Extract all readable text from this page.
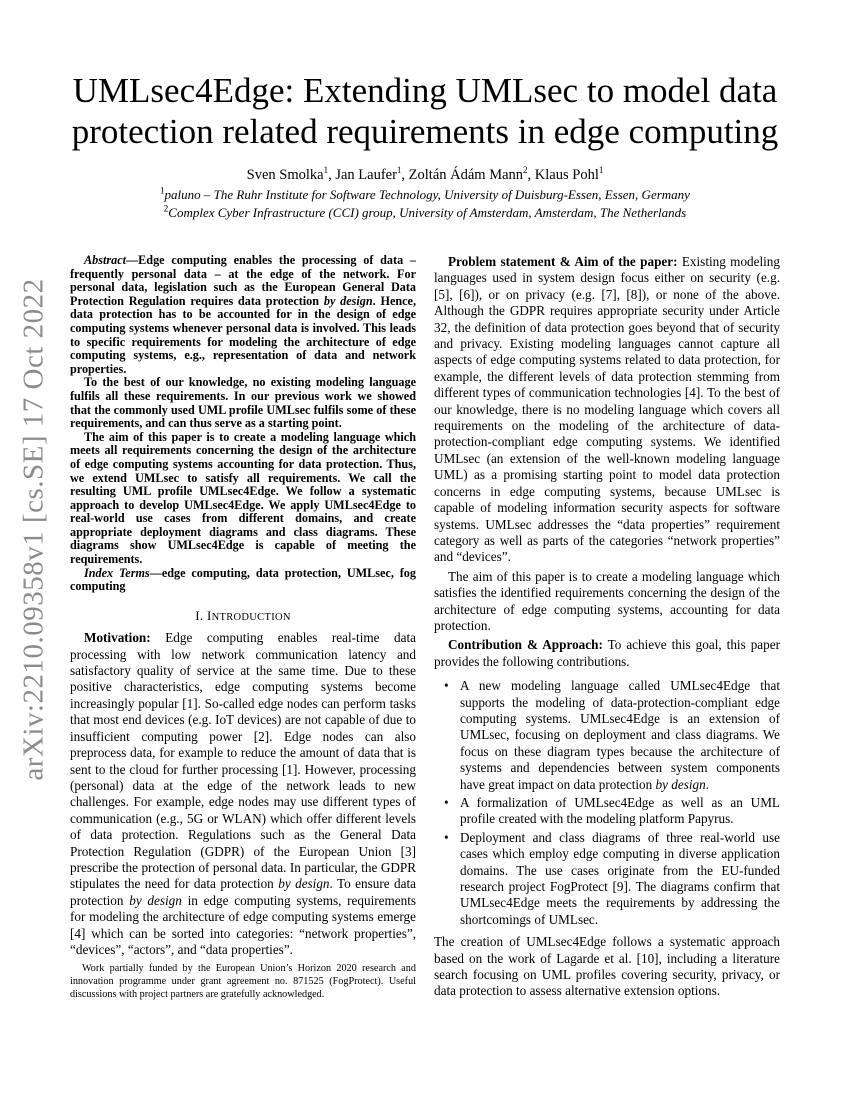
arXiv:2210.09358v1 [cs.SE] 17 Oct 2022
UMLsec4Edge: Extending UMLsec to model data protection related requirements in edge computing
Sven Smolka$^1$, Jan Laufer$^1$, Zoltán Ádám Mann$^2$, Klaus Pohl$^1$
$^1$paluno – The Ruhr Institute for Software Technology, University of Duisburg-Essen, Essen, Germany
$^2$Complex Cyber Infrastructure (CCI) group, University of Amsterdam, Amsterdam, The Netherlands

Abstract—Edge computing enables the processing of data – frequently personal data – at the edge of the network. For personal data, legislation such as the European General Data Protection Regulation requires data protection by design. Hence, data protection has to be accounted for in the design of edge computing systems whenever personal data is involved. This leads to specific requirements for modeling the architecture of edge computing systems, e.g., representation of data and network properties.

To the best of our knowledge, no existing modeling language fulfils all these requirements. In our previous work we showed that the commonly used UML profile UMLsec fulfils some of these requirements, and can thus serve as a starting point.

The aim of this paper is to create a modeling language which meets all requirements concerning the design of the architecture of edge computing systems accounting for data protection. Thus, we extend UMLsec to satisfy all requirements. We call the resulting UML profile UMLsec4Edge. We follow a systematic approach to develop UMLsec4Edge. We apply UMLsec4Edge to real-world use cases from different domains, and create appropriate deployment diagrams and class diagrams. These diagrams show UMLsec4Edge is capable of meeting the requirements.

Index Terms—edge computing, data protection, UMLsec, fog computing

I. INTRODUCTION

Motivation: Edge computing enables real-time data processing with low network communication latency and satisfactory quality of service at the same time. Due to these positive characteristics, edge computing systems become increasingly popular [1]. So-called edge nodes can perform tasks that most end devices (e.g. IoT devices) are not capable of due to insufficient computing power [2]. Edge nodes can also preprocess data, for example to reduce the amount of data that is sent to the cloud for further processing [1]. However, processing (personal) data at the edge of the network leads to new challenges. For example, edge nodes may use different types of communication (e.g., 5G or WLAN) which offer different levels of data protection. Regulations such as the General Data Protection Regulation (GDPR) of the European Union [3] prescribe the protection of personal data. In particular, the GDPR stipulates the need for data protection by design. To ensure data protection by design in edge computing systems, requirements for modeling the architecture of edge computing systems emerge [4] which can be sorted into categories: “network properties”, “devices”, “actors”, and “data properties”.

Work partially funded by the European Union’s Horizon 2020 research and innovation programme under grant agreement no. 871525 (FogProtect). Useful discussions with project partners are gratefully acknowledged.

Problem statement & Aim of the paper: Existing modeling languages used in system design focus either on security (e.g. [5], [6]), or on privacy (e.g. [7], [8]), or none of the above. Although the GDPR requires appropriate security under Article 32, the definition of data protection goes beyond that of security and privacy. Existing modeling languages cannot capture all aspects of edge computing systems related to data protection, for example, the different levels of data protection stemming from different types of communication technologies [4]. To the best of our knowledge, there is no modeling language which covers all requirements on the modeling of the architecture of data-protection-compliant edge computing systems. We identified UMLsec (an extension of the well-known modeling language UML) as a promising starting point to model data protection concerns in edge computing systems, because UMLsec is capable of modeling information security aspects for software systems. UMLsec addresses the “data properties” requirement category as well as parts of the categories “network properties” and “devices”.

The aim of this paper is to create a modeling language which satisfies the identified requirements concerning the design of the architecture of edge computing systems, accounting for data protection.

Contribution & Approach: To achieve this goal, this paper provides the following contributions.

• A new modeling language called UMLsec4Edge that supports the modeling of data-protection-compliant edge computing systems. UMLsec4Edge is an extension of UMLsec, focusing on deployment and class diagrams. We focus on these diagram types because the architecture of systems and dependencies between system components have great impact on data protection by design.
• A formalization of UMLsec4Edge as well as an UML profile created with the modeling platform Papyrus.
• Deployment and class diagrams of three real-world use cases which employ edge computing in diverse application domains. The use cases originate from the EU-funded research project FogProtect [9]. The diagrams confirm that UMLsec4Edge meets the requirements by addressing the shortcomings of UMLsec.

The creation of UMLsec4Edge follows a systematic approach based on the work of Lagarde et al. [10], including a literature search focusing on UML profiles covering security, privacy, or data protection to assess alternative extension options.
